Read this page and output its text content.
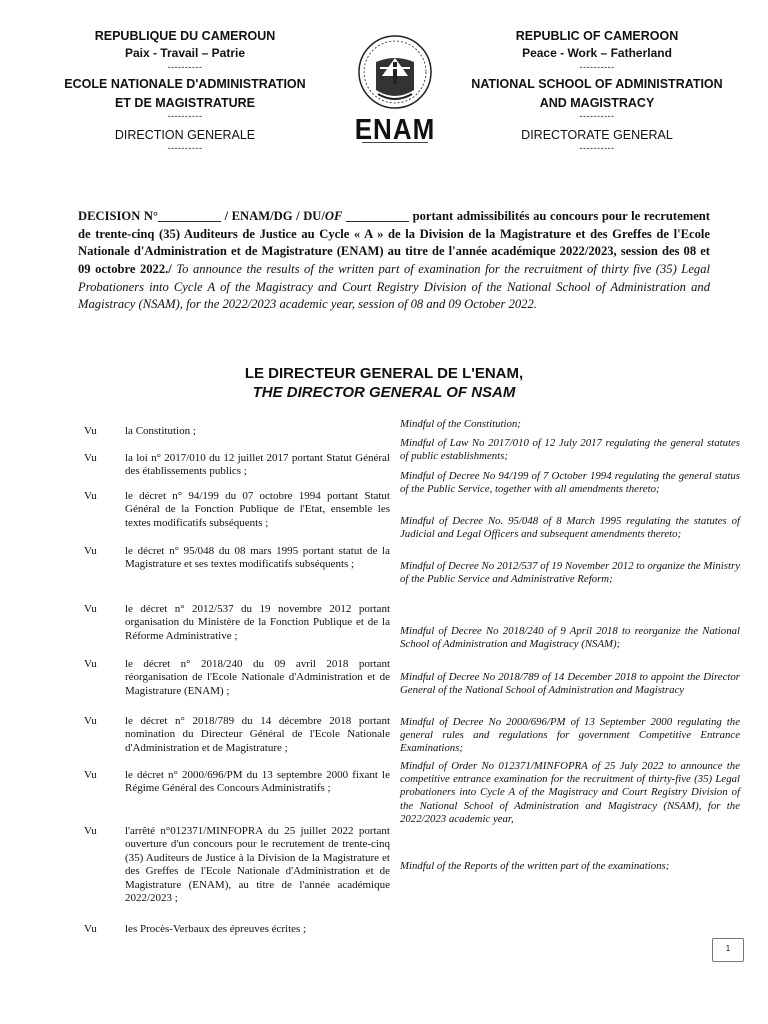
REPUBLIQUE DU CAMEROUN
Paix - Travail – Patrie
----------
ECOLE NATIONALE D'ADMINISTRATION
ET DE MAGISTRATURE
----------
DIRECTION GENERALE
----------
REPUBLIC OF CAMEROON
Peace - Work – Fatherland
----------
NATIONAL SCHOOL OF ADMINISTRATION
AND MAGISTRACY
----------
DIRECTORATE GENERAL
----------
ENAM
DECISION N°__________ / ENAM/DG / DU/OF __________ portant admissibilités au concours pour le recrutement de trente-cinq (35) Auditeurs de Justice au Cycle « A » de la Division de la Magistrature et des Greffes de l'Ecole Nationale d'Administration et de Magistrature (ENAM) au titre de l'année académique 2022/2023, session des 08 et 09 octobre 2022./ To announce the results of the written part of examination for the recruitment of thirty five (35) Legal Probationers into Cycle A of the Magistracy and Court Registry Division of the National School of Administration and Magistracy (NSAM), for the 2022/2023 academic year, session of 08 and 09 October 2022.
LE DIRECTEUR GENERAL DE L'ENAM,
THE DIRECTOR GENERAL OF NSAM
Vu
Vu
Vu
Vu
Vu
Vu
Vu
Vu
Vu
Vu
la Constitution ;
la loi n° 2017/010 du 12 juillet 2017 portant Statut Général des établissements publics ;
le décret n° 94/199 du 07 octobre 1994 portant Statut Général de la Fonction Publique de l'Etat, ensemble les textes modificatifs subséquents ;
le décret n° 95/048 du 08 mars 1995 portant statut de la Magistrature et ses textes modificatifs subséquents ;
le décret n° 2012/537 du 19 novembre 2012 portant organisation du Ministère de la Fonction Publique et de la Réforme Administrative ;
le décret n° 2018/240 du 09 avril 2018 portant réorganisation de l'Ecole Nationale d'Administration et de Magistrature (ENAM) ;
le décret n° 2018/789 du 14 décembre 2018 portant nomination du Directeur Général de l'Ecole Nationale d'Administration et de Magistrature ;
le décret n° 2000/696/PM du 13 septembre 2000 fixant le Régime Général des Concours Administratifs ;
l'arrêté n°012371/MINFOPRA du 25 juillet 2022 portant ouverture d'un concours pour le recrutement de trente-cinq (35) Auditeurs de Justice à la Division de la Magistrature et des Greffes de l'Ecole Nationale d'Administration et de Magistrature (ENAM), au titre de l'année académique 2022/2023 ;
les Procès-Verbaux des épreuves écrites ;
Mindful of the Constitution;
Mindful of Law No 2017/010 of 12 July 2017 regulating the general statutes of public establishments;
Mindful of Decree No 94/199 of 7 October 1994 regulating the general status of the Public Service, together with all amendments thereto;
Mindful of Decree No. 95/048 of 8 March 1995 regulating the statutes of Judicial and Legal Officers and subsequent amendments thereto;
Mindful of Decree No 2012/537 of 19 November 2012 to organize the Ministry of the Public Service and Administrative Reform;
Mindful of Decree No 2018/240 of 9 April 2018 to reorganize the National School of Administration and Magistracy (NSAM);
Mindful of Decree No 2018/789 of 14 December 2018 to appoint the Director General of the National School of Administration and Magistracy
Mindful of Decree No 2000/696/PM of 13 September 2000 regulating the general rules and regulations for government Competitive Entrance Examinations;
Mindful of Order No 012371/MINFOPRA of 25 July 2022 to announce the competitive entrance examination for the recruitment of thirty-five (35) Legal probationers into Cycle A of the Magistracy and Court Registry Division of the National School of Administration and Magistracy (NSAM), for the 2022/2023 academic year,
Mindful of the Reports of the written part of the examinations;
1
